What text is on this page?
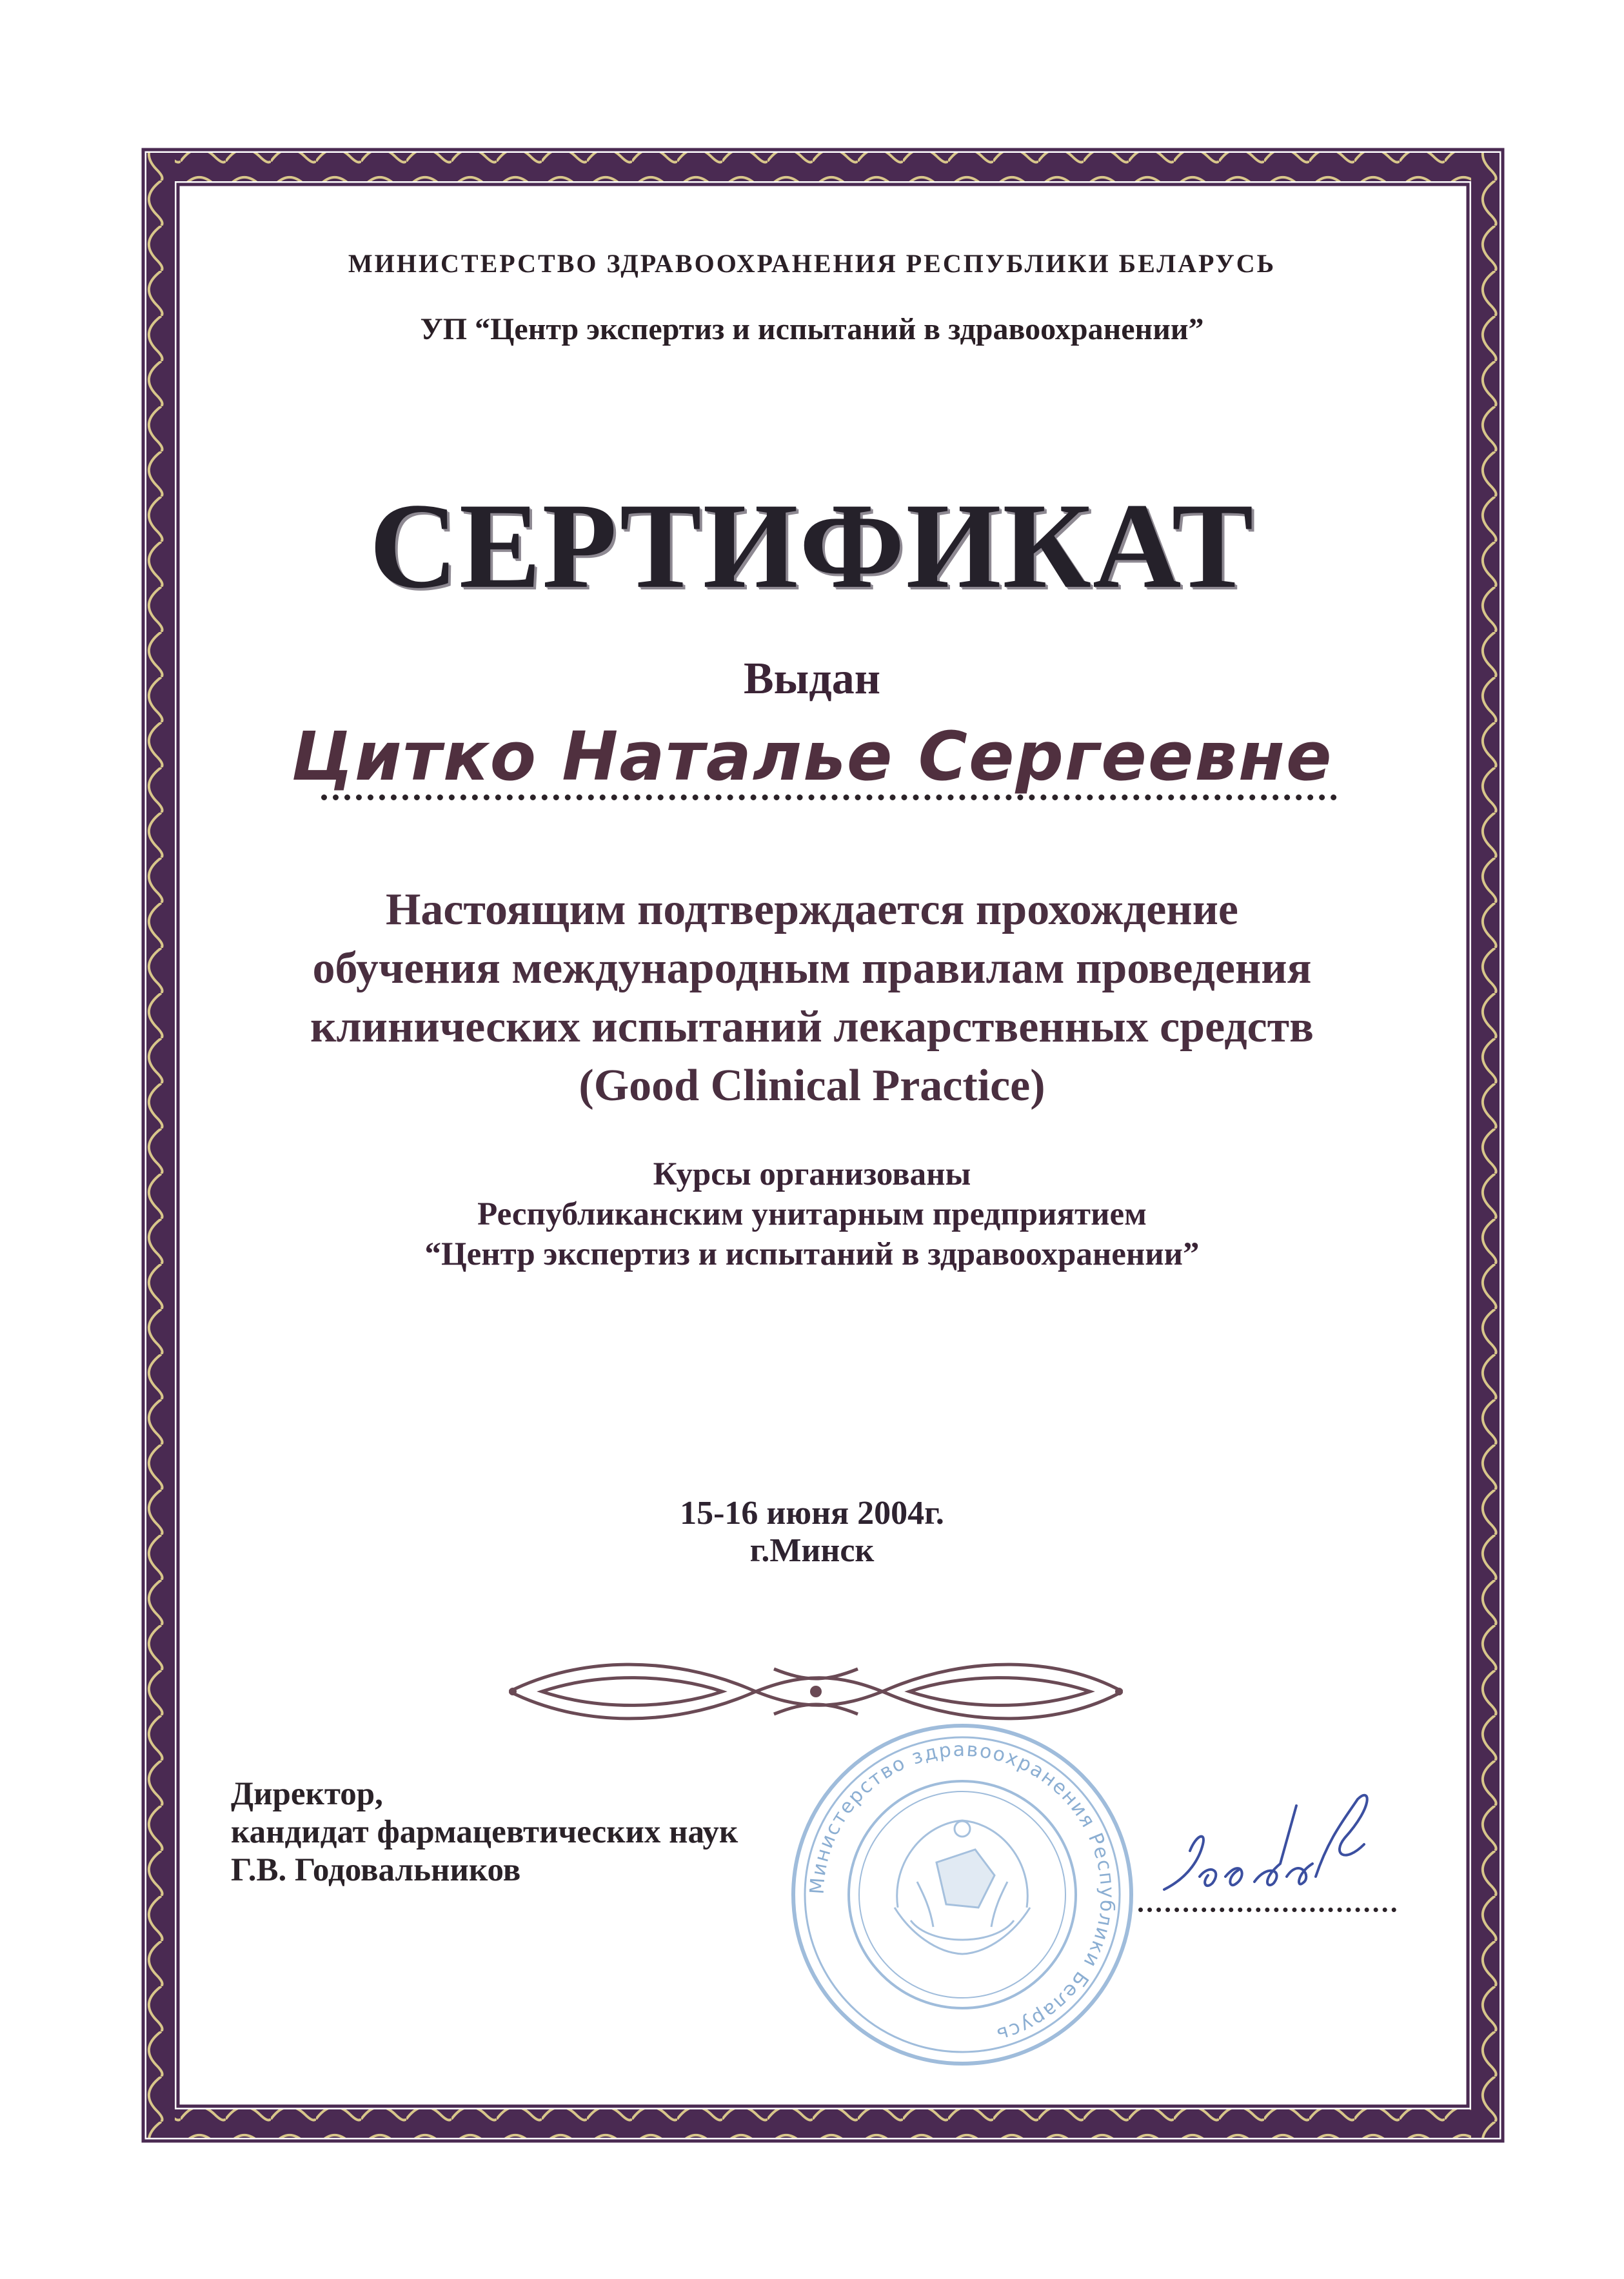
МИНИСТЕРСТВО ЗДРАВООХРАНЕНИЯ РЕСПУБЛИКИ БЕЛАРУСЬ
УП “Центр экспертиз и испытаний в здравоохранении”
СЕРТИФИКАТ
Выдан
Цитко Наталье Сергеевне
Настоящим подтверждается прохождение
обучения международным правилам проведения
клинических испытаний лекарственных средств
(Good Clinical Practice)
Курсы организованы
Республиканским унитарным предприятием
“Центр экспертиз и испытаний в здравоохранении”
15-16 июня 2004г.
г.Минск
Директор,
кандидат фармацевтических наук
Г.В. Годовальников	Министерство здравоохранения Республики Беларусь
